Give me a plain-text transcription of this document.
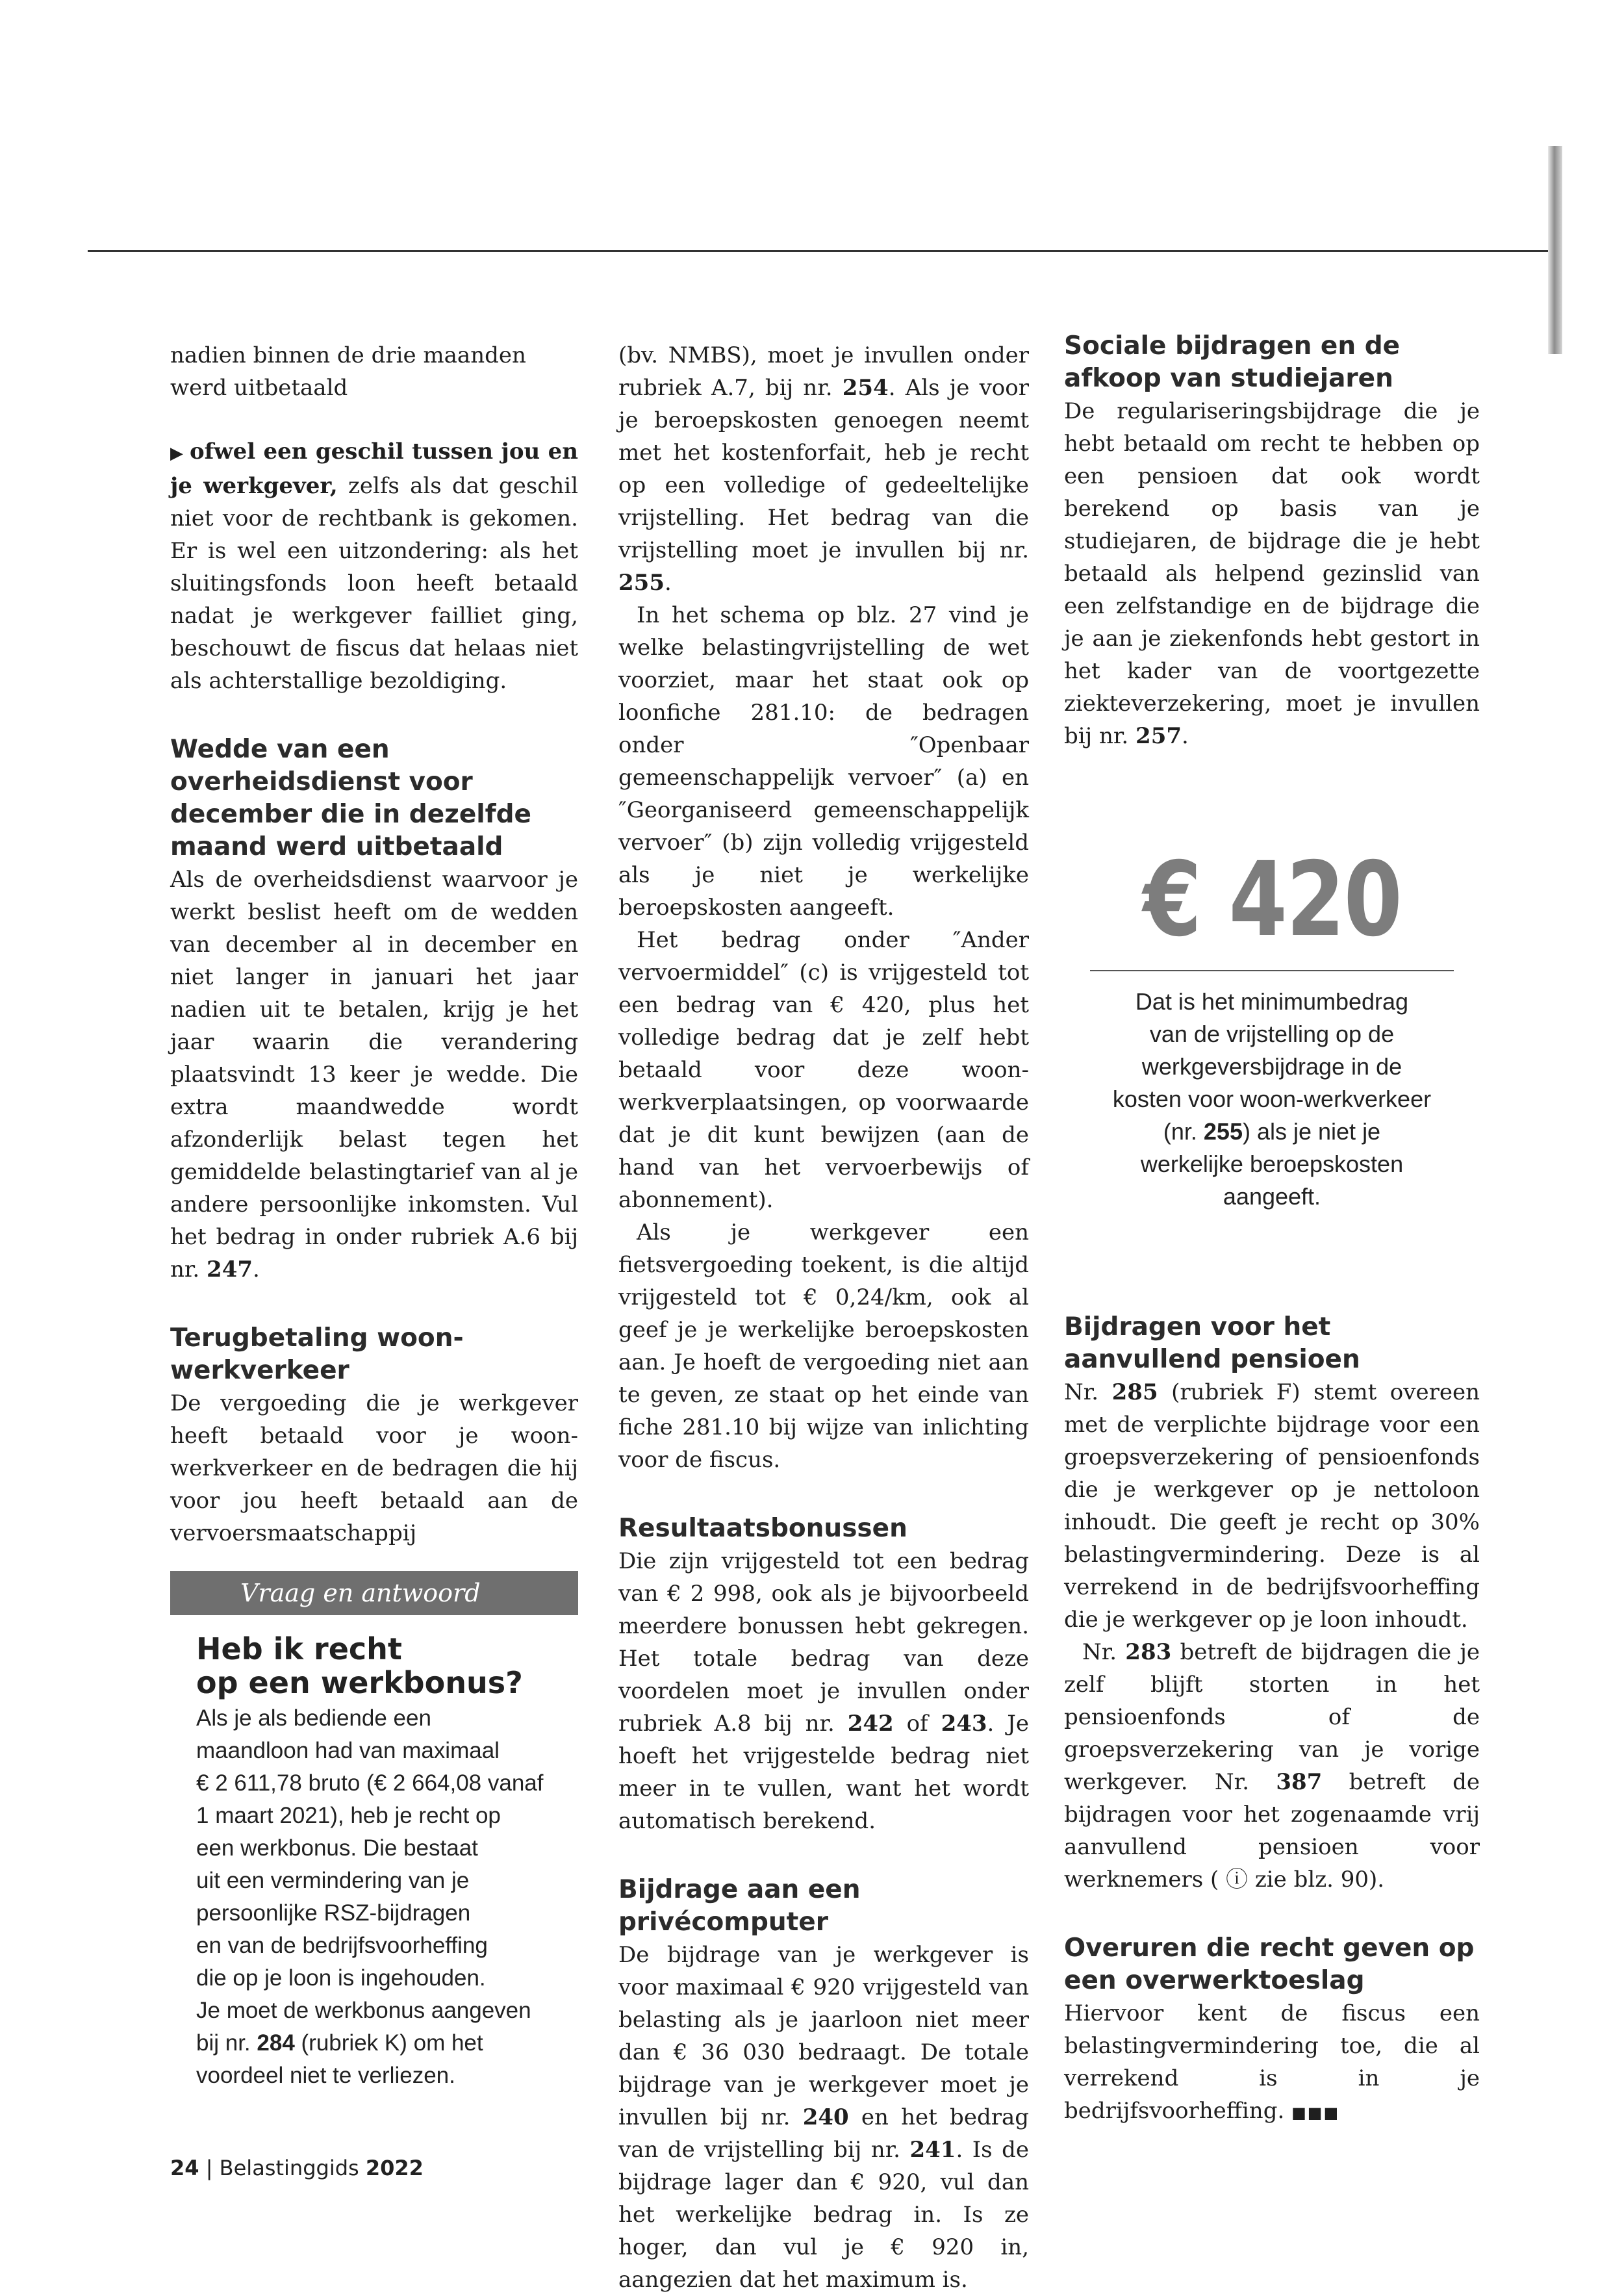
nadien binnen de drie maanden werd uitbetaald

▶ ofwel een geschil tussen jou en je werkgever, zelfs als dat geschil niet voor de rechtbank is gekomen. Er is wel een uitzondering: als het sluitingsfonds loon heeft betaald nadat je werkgever failliet ging, beschouwt de fiscus dat helaas niet als achterstallige bezoldiging.

Wedde van een overheidsdienst voor december die in dezelfde maand werd uitbetaald

Als de overheidsdienst waarvoor je werkt beslist heeft om de wedden van december al in december en niet langer in januari het jaar nadien uit te betalen, krijg je het jaar waarin die verandering plaatsvindt 13 keer je wedde. Die extra maandwedde wordt afzonderlijk belast tegen het gemiddelde belastingtarief van al je andere persoonlijke inkomsten. Vul het bedrag in onder rubriek A.6 bij nr. 247.

Terugbetaling woon-werkverkeer

De vergoeding die je werkgever heeft betaald voor je woon-werkverkeer en de bedragen die hij voor jou heeft betaald aan de vervoersmaatschappij

Vraag en antwoord
Heb ik recht
op een werkbonus?
Als je als bediende een
maandloon had van maximaal
€ 2 611,78 bruto (€ 2 664,08 vanaf
1 maart 2021), heb je recht op
een werkbonus. Die bestaat
uit een vermindering van je
persoonlijke RSZ-bijdragen
en van de bedrijfsvoorheffing
die op je loon is ingehouden.
Je moet de werkbonus aangeven
bij nr. 284 (rubriek K) om het
voordeel niet te verliezen.

(bv. NMBS), moet je invullen onder rubriek A.7, bij nr. 254. Als je voor je beroepskosten genoegen neemt met het kostenforfait, heb je recht op een volledige of gedeeltelijke vrijstelling. Het bedrag van die vrijstelling moet je invullen bij nr. 255.

In het schema op blz. 27 vind je welke belastingvrijstelling de wet voorziet, maar het staat ook op loonfiche 281.10: de bedragen onder ″Openbaar gemeenschappelijk vervoer″ (a) en ″Georganiseerd gemeenschappelijk vervoer″ (b) zijn volledig vrijgesteld als je niet je werkelijke beroepskosten aangeeft.

Het bedrag onder ″Ander vervoermiddel″ (c) is vrijgesteld tot een bedrag van € 420, plus het volledige bedrag dat je zelf hebt betaald voor deze woon-werkverplaatsingen, op voorwaarde dat je dit kunt bewijzen (aan de hand van het vervoerbewijs of abonnement).

Als je werkgever een fietsvergoeding toekent, is die altijd vrijgesteld tot € 0,24/km, ook al geef je je werkelijke beroepskosten aan. Je hoeft de vergoeding niet aan te geven, ze staat op het einde van fiche 281.10 bij wijze van inlichting voor de fiscus.

Resultaatsbonussen

Die zijn vrijgesteld tot een bedrag van € 2 998, ook als je bijvoorbeeld meerdere bonussen hebt gekregen. Het totale bedrag van deze voordelen moet je invullen onder rubriek A.8 bij nr. 242 of 243. Je hoeft het vrijgestelde bedrag niet meer in te vullen, want het wordt automatisch berekend.

Bijdrage aan een privécomputer

De bijdrage van je werkgever is voor maximaal € 920 vrijgesteld van belasting als je jaarloon niet meer dan € 36 030 bedraagt. De totale bijdrage van je werkgever moet je invullen bij nr. 240 en het bedrag van de vrijstelling bij nr. 241. Is de bijdrage lager dan € 920, vul dan het werkelijke bedrag in. Is ze hoger, dan vul je € 920 in, aangezien dat het maximum is.

Sociale bijdragen en de afkoop van studiejaren

De regulariseringsbijdrage die je hebt betaald om recht te hebben op een pensioen dat ook wordt berekend op basis van je studiejaren, de bijdrage die je hebt betaald als helpend gezinslid van een zelfstandige en de bijdrage die je aan je ziekenfonds hebt gestort in het kader van de voortgezette ziekteverzekering, moet je invullen bij nr. 257.

€ 420
Dat is het minimumbedrag
van de vrijstelling op de
werkgeversbijdrage in de
kosten voor woon-werkverkeer
(nr. 255) als je niet je
werkelijke beroepskosten
aangeeft.
Bijdragen voor het aanvullend pensioen

Nr. 285 (rubriek F) stemt overeen met de verplichte bijdrage voor een groepsverzekering of pensioenfonds die je werkgever op je nettoloon inhoudt. Die geeft je recht op 30% belastingvermindering. Deze is al verrekend in de bedrijfsvoorheffing die je werkgever op je loon inhoudt.

Nr. 283 betreft de bijdragen die je zelf blijft storten in het pensioenfonds of de groepsverzekering van je vorige werkgever. Nr. 387 betreft de bijdragen voor het zogenaamde vrij aanvullend pensioen voor werknemers ( ⓘ zie blz. 90).

Overuren die recht geven op een overwerktoeslag

Hiervoor kent de fiscus een belastingvermindering toe, die al verrekend is in je bedrijfsvoorheffing. ■■■

24 | Belastinggids 2022
